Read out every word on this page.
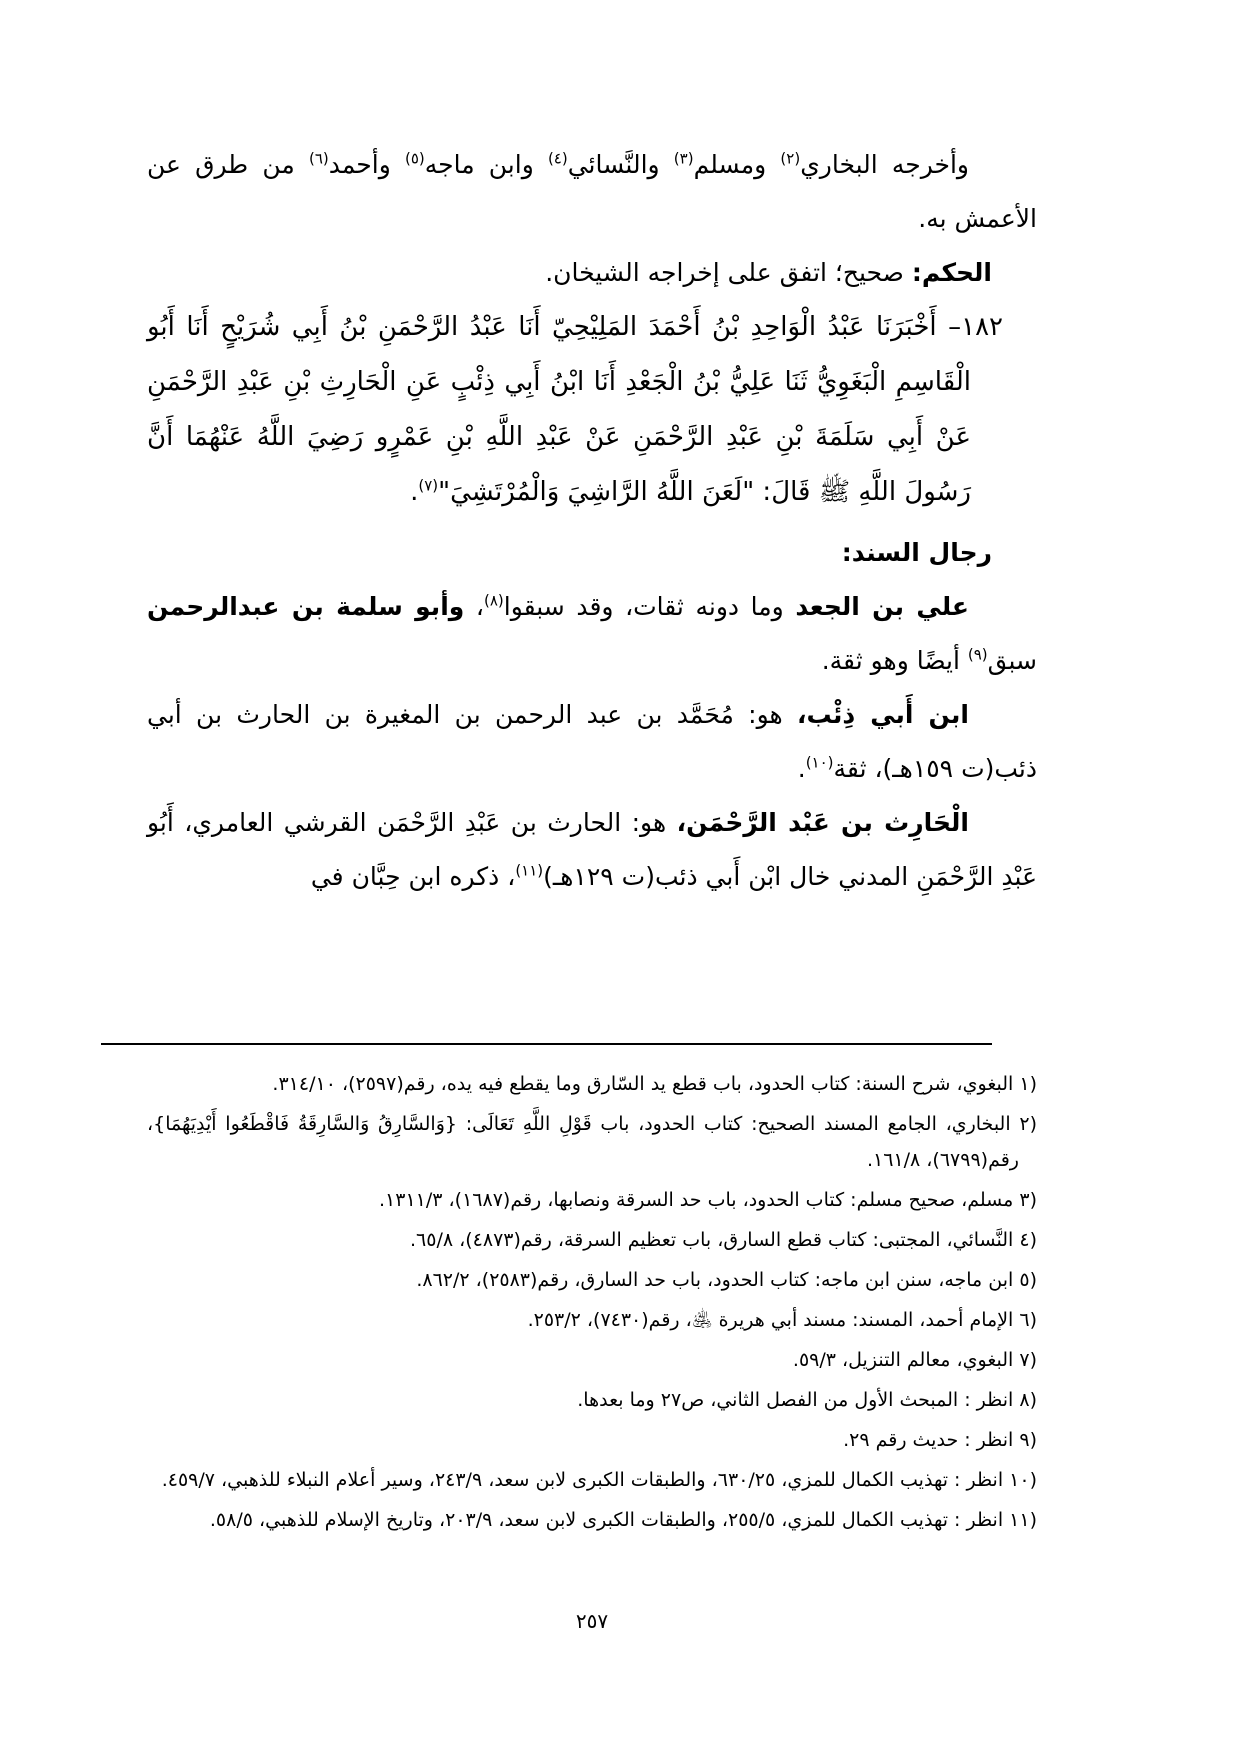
وأخرجه البخاري$^{(٢)}$ ومسلم$^{(٣)}$ والنَّسائي$^{(٤)}$ وابن ماجه$^{(٥)}$ وأحمد$^{(٦)}$ من طرق عن الأعمش به.

الحكم: صحيح؛ اتفق على إخراجه الشيخان.

١٨٢– أَخْبَرَنَا عَبْدُ الْوَاحِدِ بْنُ أَحْمَدَ المَلِيْحِيّ أَنَا عَبْدُ الرَّحْمَنِ بْنُ أَبِي شُرَيْحٍ أَنَا أَبُو الْقَاسِمِ الْبَغَوِيُّ ثَنَا عَلِيُّ بْنُ الْجَعْدِ أَنَا ابْنُ أَبِي ذِئْبٍ عَنِ الْحَارِثِ بْنِ عَبْدِ الرَّحْمَنِ عَنْ أَبِي سَلَمَةَ بْنِ عَبْدِ الرَّحْمَنِ عَنْ عَبْدِ اللَّهِ بْنِ عَمْرٍو رَضِيَ اللَّهُ عَنْهُمَا أَنَّ رَسُولَ اللَّهِ ﷺ قَالَ: "لَعَنَ اللَّهُ الرَّاشِيَ وَالْمُرْتَشِيَ"$^{(٧)}$.

رجال السند:

علي بن الجعد وما دونه ثقات، وقد سبقوا$^{(٨)}$، وأبو سلمة بن عبدالرحمن سبق$^{(٩)}$ أيضًا وهو ثقة.

ابن أَبي ذِئْب، هو: مُحَمَّد بن عبد الرحمن بن المغيرة بن الحارث بن أبي ذئب(ت ١٥٩هـ)، ثقة$^{(١٠)}$.

الْحَارِث بن عَبْد الرَّحْمَن، هو: الحارث بن عَبْدِ الرَّحْمَن القرشي العامري، أَبُو عَبْدِ الرَّحْمَنِ المدني خال ابْن أَبي ذئب(ت ١٢٩هـ)$^{(١١)}$، ذكره ابن حِبَّان في

١) البغوي، شرح السنة: كتاب الحدود، باب قطع يد السّارق وما يقطع فيه يده، رقم(٢٥٩٧)، ٣١٤/١٠.

٢) البخاري، الجامع المسند الصحيح: كتاب الحدود، باب قَوْلِ اللَّهِ تَعَالَى: {وَالسَّارِقُ وَالسَّارِقَةُ فَاقْطَعُوا أَيْدِيَهُمَا}، رقم(٦٧٩٩)، ١٦١/٨.

٣) مسلم، صحيح مسلم: كتاب الحدود، باب حد السرقة ونصابها، رقم(١٦٨٧)، ١٣١١/٣.

٤) النَّسائي، المجتبى: كتاب قطع السارق، باب تعظيم السرقة، رقم(٤٨٧٣)، ٦٥/٨.

٥) ابن ماجه، سنن ابن ماجه: كتاب الحدود، باب حد السارق، رقم(٢٥٨٣)، ٨٦٢/٢.

٦) الإمام أحمد، المسند: مسند أبي هريرة ﵁، رقم(٧٤٣٠)، ٢٥٣/٢.

٧) البغوي، معالم التنزيل، ٥٩/٣.

٨) انظر : المبحث الأول من الفصل الثاني، ص٢٧ وما بعدها.

٩) انظر : حديث رقم ٢٩.

١٠) انظر : تهذيب الكمال للمزي، ٦٣٠/٢٥، والطبقات الكبرى لابن سعد، ٢٤٣/٩، وسير أعلام النبلاء للذهبي، ٤٥٩/٧.

١١) انظر : تهذيب الكمال للمزي، ٢٥٥/٥، والطبقات الكبرى لابن سعد، ٢٠٣/٩، وتاريخ الإسلام للذهبي، ٥٨/٥.

٢٥٧
